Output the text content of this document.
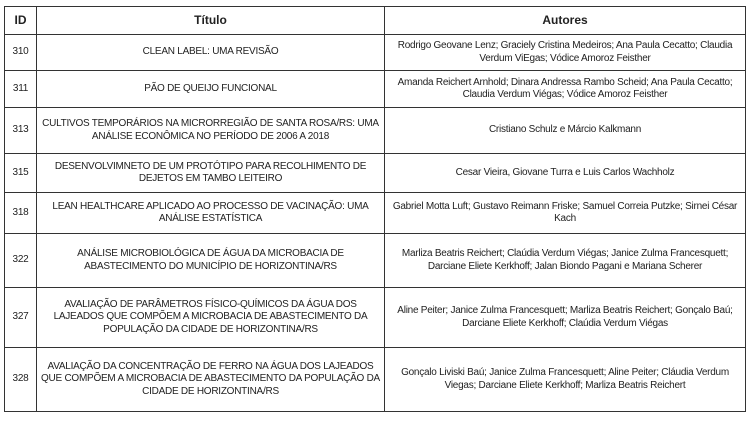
ID	Título	Autores
310	CLEAN LABEL: UMA REVISÃO	Rodrigo Geovane Lenz; Gracіely Cristina Medeiros; Ana Paula Cecatto; Claudia Verdum ViEgas; Vódice Amoroz Feisther
311	PÃO DE QUEIJO FUNCIONAL	Amanda Reichert Arnhold; Dinara Andressa Rambo Scheid; Ana Paula Cecatto; Claudia Verdum Viégas; Vódice Amoroz Feisther
313	CULTIVOS TEMPORÁRIOS NA MICRORREGIÃO DE SANTA ROSA/RS: UMA ANÁLISE ECONÔMICA NO PERÍODO DE 2006 A 2018	Cristiano Schulz e Márcio Kalkmann
315	DESENVOLVIMNETO DE UM PROTÓTIPO PARA RECOLHIMENTO DE DEJETOS EM TAMBO LEITEIRO	Cesar Vieira, Giovane Turra e Luis Carlos Wachholz
318	LEAN HEALTHCARE APLICADO AO PROCESSO DE VACINAÇÃO: UMA ANÁLISE ESTATÍSTICA	Gabriel Motta Luft; Gustavo Reimann Friske; Samuel Correia Putzke; Sirnei César Kach
322	ANÁLISE MICROBIOLÓGICA DE ÁGUA DA MICROBACIA DE ABASTECIMENTO DO MUNICÍPIO DE HORIZONTINA/RS	Marliza Beatris Reichert; Claúdia Verdum Viégas; Janice Zulma Francesquett; Darciane Eliete Kerkhoff; Jalan Biondo Pagani e Mariana Scherer
327	AVALIAÇÃO DE PARÂMETROS FÍSICO-QUÍMICOS DA ÁGUA DOS LAJEADOS QUE COMPÕEM A MICROBACIA DE ABASTECIMENTO DA POPULAÇÃO DA CIDADE DE HORIZONTINA/RS	Aline Peiter; Janice Zulma Francesquett; Marliza Beatris Reichert; Gonçalo Baú; Darciane Eliete Kerkhoff; Claúdia Verdum Viégas
328	AVALIAÇÃO DA CONCENTRAÇÃO DE FERRO NA ÁGUA DOS LAJEADOS QUE COMPÕEM A MICROBACIA DE ABASTECIMENTO DA POPULAÇÃO DA CIDADE DE HORIZONTINA/RS	Gonçalo Liviski Baú; Janice Zulma Francesquett; Aline Peiter; Cláudia Verdum Viegas; Darciane Eliete Kerkhoff; Marliza Beatris Reichert
